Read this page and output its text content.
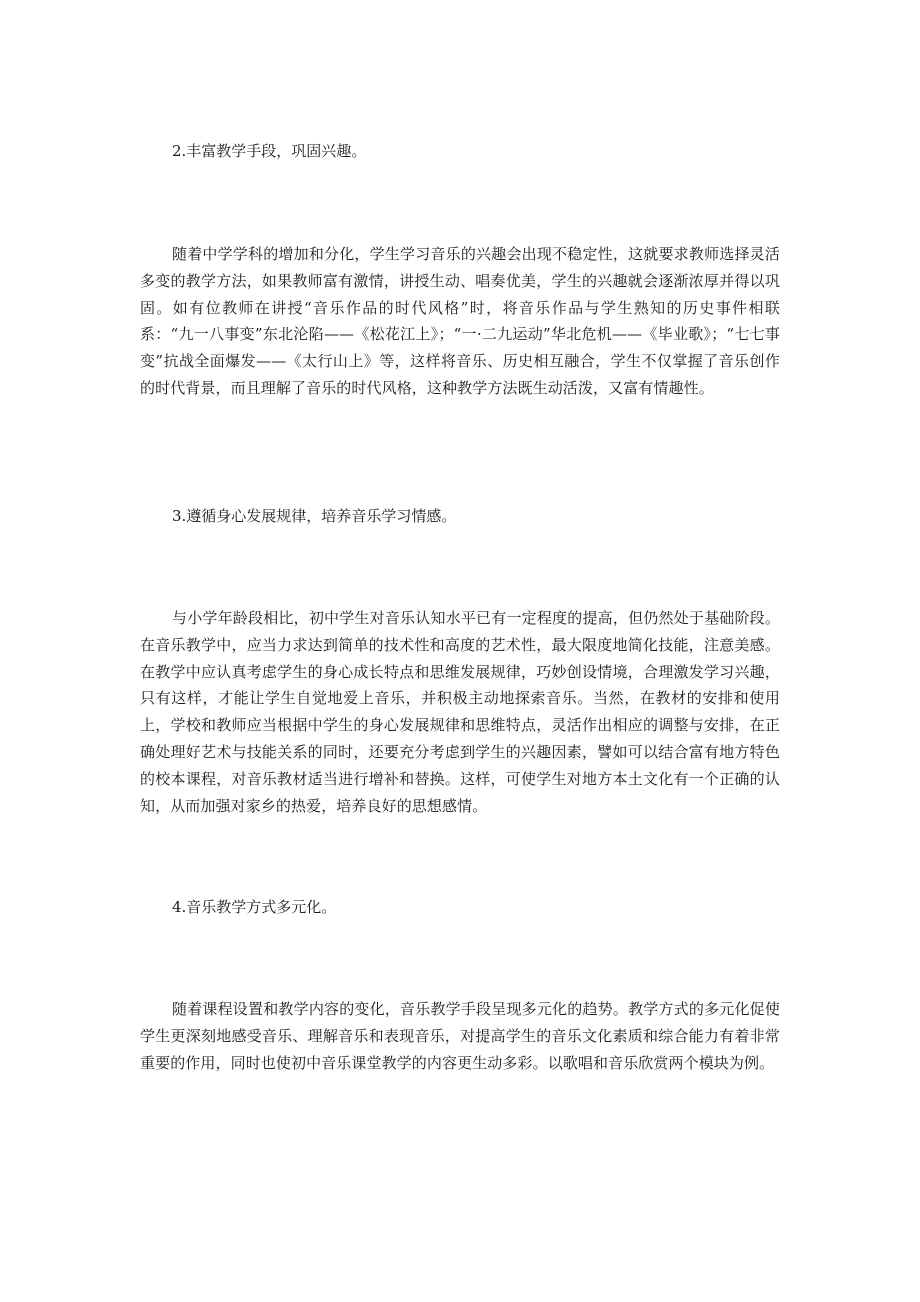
2.丰富教学手段，巩固兴趣。
随着中学学科的增加和分化，学生学习音乐的兴趣会出现不稳定性，这就要求教师选择灵活多变的教学方法，如果教师富有激情，讲授生动、唱奏优美，学生的兴趣就会逐渐浓厚并得以巩固。如有位教师在讲授“音乐作品的时代风格”时，将音乐作品与学生熟知的历史事件相联系：“九一八事变”东北沦陷——《松花江上》；“一·二九运动”华北危机——《毕业歌》；“七七事变”抗战全面爆发——《太行山上》等，这样将音乐、历史相互融合，学生不仅掌握了音乐创作的时代背景，而且理解了音乐的时代风格，这种教学方法既生动活泼，又富有情趣性。
3.遵循身心发展规律，培养音乐学习情感。
与小学年龄段相比，初中学生对音乐认知水平已有一定程度的提高，但仍然处于基础阶段。在音乐教学中，应当力求达到简单的技术性和高度的艺术性，最大限度地简化技能，注意美感。在教学中应认真考虑学生的身心成长特点和思维发展规律，巧妙创设情境，合理激发学习兴趣，只有这样，才能让学生自觉地爱上音乐，并积极主动地探索音乐。当然，在教材的安排和使用上，学校和教师应当根据中学生的身心发展规律和思维特点，灵活作出相应的调整与安排，在正确处理好艺术与技能关系的同时，还要充分考虑到学生的兴趣因素，譬如可以结合富有地方特色的校本课程，对音乐教材适当进行增补和替换。这样，可使学生对地方本土文化有一个正确的认知，从而加强对家乡的热爱，培养良好的思想感情。
4.音乐教学方式多元化。
随着课程设置和教学内容的变化，音乐教学手段呈现多元化的趋势。教学方式的多元化促使学生更深刻地感受音乐、理解音乐和表现音乐，对提高学生的音乐文化素质和综合能力有着非常重要的作用，同时也使初中音乐课堂教学的内容更生动多彩。以歌唱和音乐欣赏两个模块为例。
